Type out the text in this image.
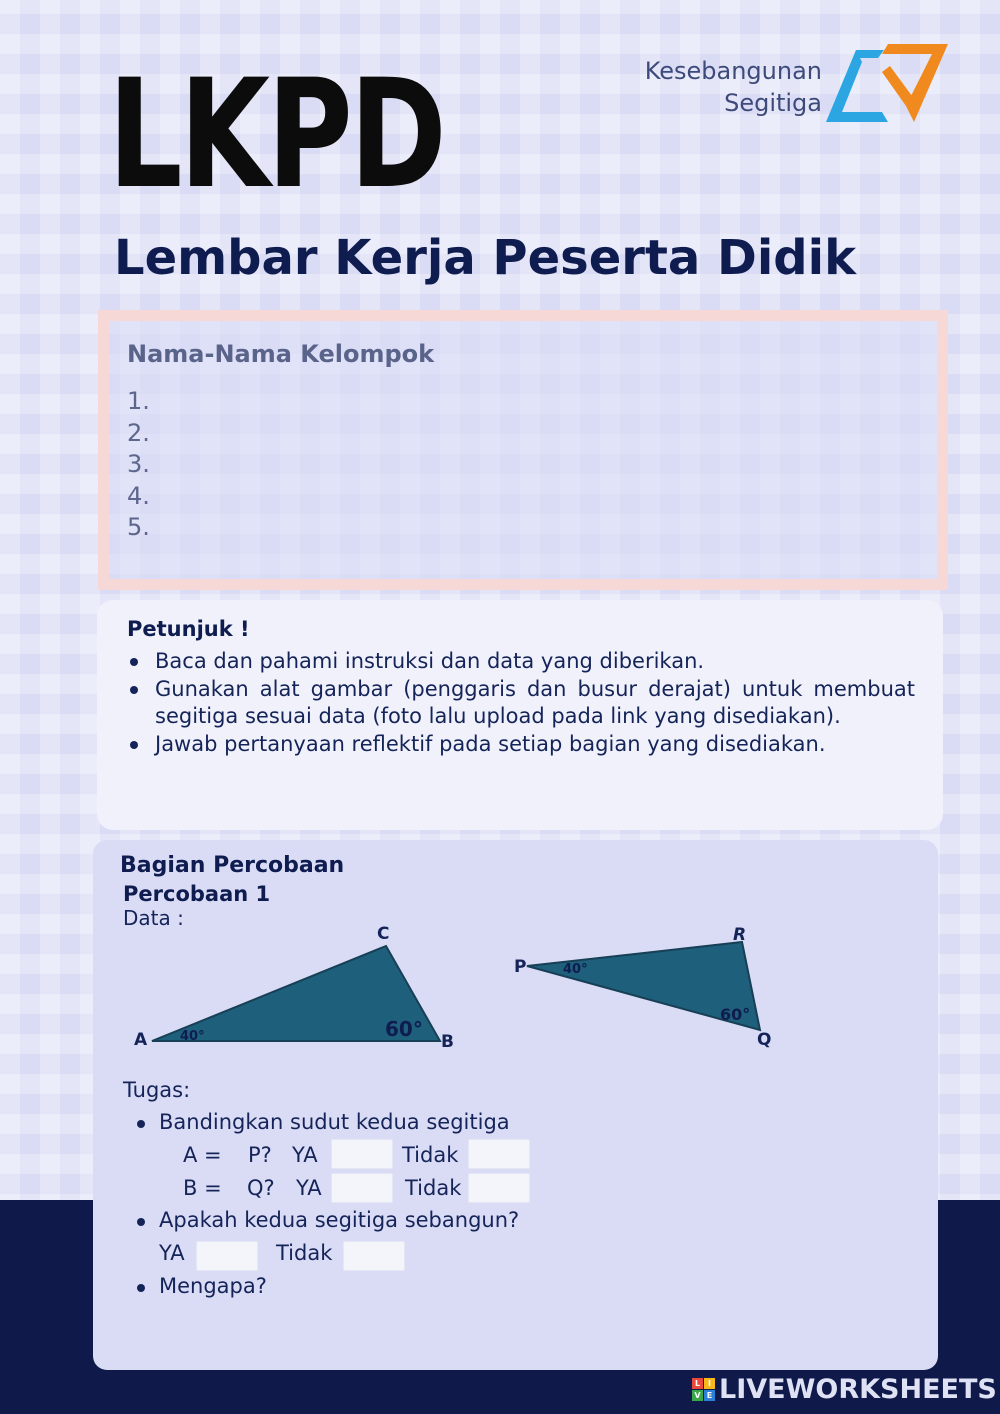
LKPD
Lembar Kerja Peserta Didik
Kesebangunan
Segitiga
Nama-Nama Kelompok
1.
2.
3.
4.
5.
Petunjuk !
Baca dan pahami instruksi dan data yang diberikan.
Gunakan alat gambar (penggaris dan busur derajat) untuk membuat segitiga sesuai data (foto lalu upload pada link yang disediakan).
Jawab pertanyaan reflektif pada setiap bagian yang disediakan.
Bagian Percobaan
Percobaan 1
Data :
A	B
C
40°	60°
P
Q
R
40°
60°
Tugas:
Bandingkan sudut kedua segitiga
A = P? YA	Tidak
B = Q? YA	Tidak
Apakah kedua segitiga sebangun?
YA	Tidak
Mengapa?
L I
V E LIVEWORKSHEETS
